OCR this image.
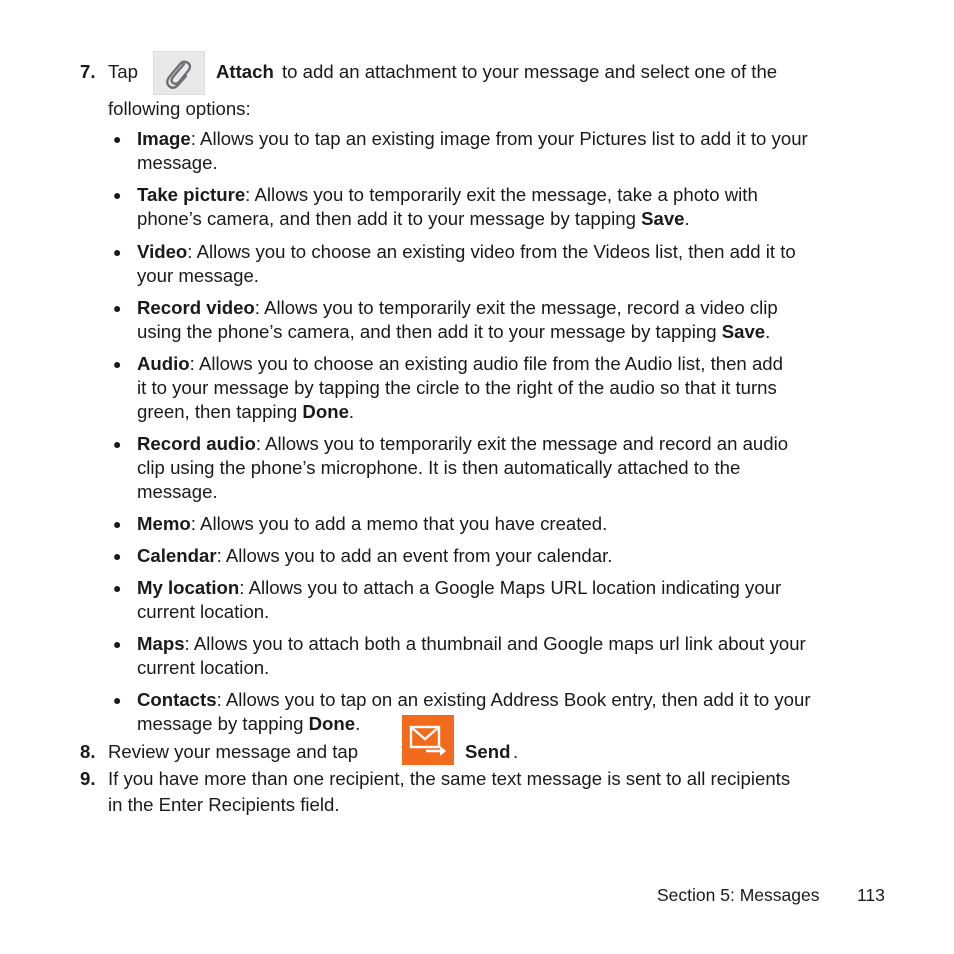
7. Tap	Attach to add an attachment to your message and select one of the
following options:
● Image: Allows you to tap an existing image from your Pictures list to add it to your
message.
● Take picture: Allows you to temporarily exit the message, take a photo with
phone’s camera, and then add it to your message by tapping Save.
● Video: Allows you to choose an existing video from the Videos list, then add it to
your message.
● Record video: Allows you to temporarily exit the message, record a video clip
using the phone’s camera, and then add it to your message by tapping Save.
● Audio: Allows you to choose an existing audio file from the Audio list, then add
it to your message by tapping the circle to the right of the audio so that it turns
green, then tapping Done.
● Record audio: Allows you to temporarily exit the message and record an audio
clip using the phone’s microphone. It is then automatically attached to the
message.
● Memo: Allows you to add a memo that you have created.
● Calendar: Allows you to add an event from your calendar.
● My location: Allows you to attach a Google Maps URL location indicating your
current location.
● Maps: Allows you to attach both a thumbnail and Google maps url link about your
current location.
● Contacts: Allows you to tap on an existing Address Book entry, then add it to your
message by tapping Done.
8. Review your message and tap	Send .
9. If you have more than one recipient, the same text message is sent to all recipients
in the Enter Recipients field.
Section 5: Messages 113
